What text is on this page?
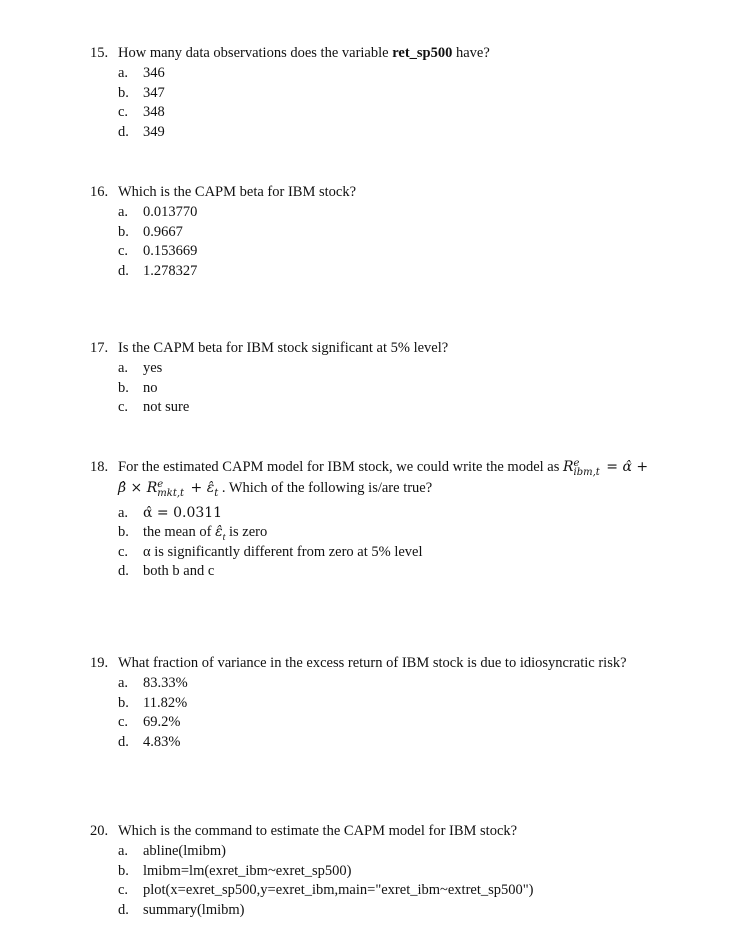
15. How many data observations does the variable ret_sp500 have?
a. 346
b. 347
c. 348
d. 349
16. Which is the CAPM beta for IBM stock?
a. 0.013770
b. 0.9667
c. 0.153669
d. 1.278327
17. Is the CAPM beta for IBM stock significant at 5% level?
a. yes
b. no
c. not sure
18. For the estimated CAPM model for IBM stock, we could write the model as R e
ibm,t = α̂ +
β̂ × R e
$mkt,t + \varepsilon̂_t$ . Which of the following is/are true?
a. α̂ = 0.0311
b. the mean of $\varepsilon̂_t$ is zero
c. α is significantly different from zero at 5% level
d. both b and c
19. What fraction of variance in the excess return of IBM stock is due to idiosyncratic risk?
a. 83.33%
b. 11.82%
c. 69.2%
d. 4.83%
20. Which is the command to estimate the CAPM model for IBM stock?
a. abline(lmibm)
b. lmibm=lm(exret_ibm~exret_sp500)
c. plot(x=exret_sp500,y=exret_ibm,main="exret_ibm~extret_sp500")
d. summary(lmibm)
